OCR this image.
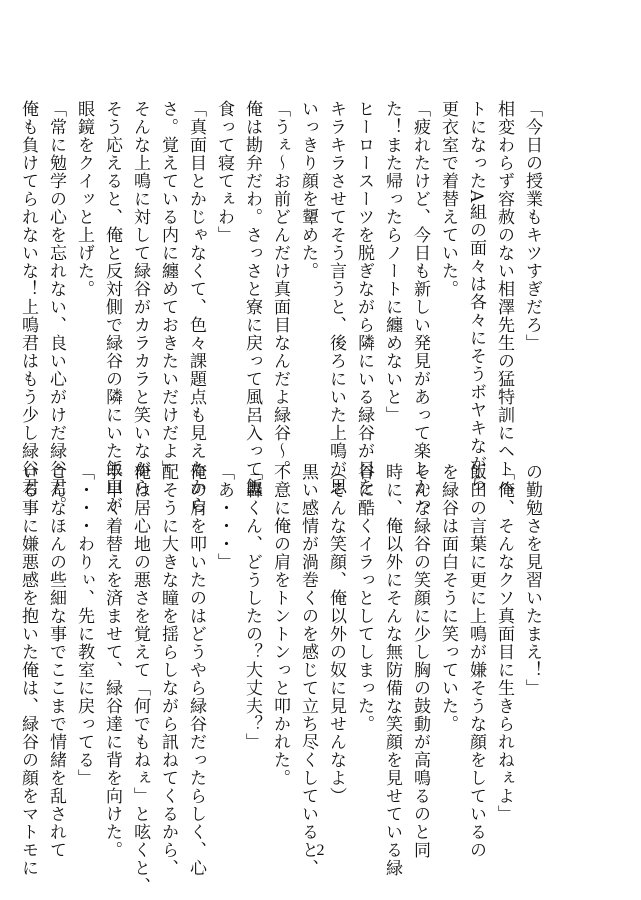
「今日の授業もキツすぎだろ」
相変わらず容赦のない相澤先生の猛特訓にヘトヘ
トになったA組の面々は各々にそうボヤキながら
更衣室で着替えていた。
「疲れたけど、今日も新しい発見があって楽しかっ
た！また帰ったらノートに纏めないと」
ヒーロースーツを脱ぎながら隣にいる緑谷が目を
キラキラさせてそう言うと、後ろにいた上鳴が思
いっきり顔を顰めた。
「うぇ～お前どんだけ真面目なんだよ緑谷～。
俺は勘弁だわ。さっさと寮に戻って風呂入って飯
食って寝てぇわ」
「真面目とかじゃなくて、色々課題点も見えたから
さ。覚えている内に纏めておきたいだけだよ」
そんな上鳴に対して緑谷がカラカラと笑いながら
そう応えると、俺と反対側で緑谷の隣にいた飯田が
眼鏡をクイッと上げた。
「常に勉学の心を忘れない、良い心がけだ緑谷君。
俺も負けてられないな！上鳴君はもう少し緑谷君
の勤勉さを見習いたまえ！」
「俺、そんなクソ真面目に生きられねぇよ」
飯田の言葉に更に上鳴が嫌そうな顔をしているの
を緑谷は面白そうに笑っていた。
そんな緑谷の笑顔に少し胸の鼓動が高鳴るのと同
時に、俺以外にそんな無防備な笑顔を見せている緑
谷に酷くイラっとしてしまった。
（そんな笑顔、俺以外の奴に見せんなよ）
黒い感情が渦巻くのを感じて立ち尽くしていると、
不意に俺の肩をトントンっと叩かれた。
「轟くん、どうしたの？大丈夫？」
「あ・・・」
俺の肩を叩いたのはどうやら緑谷だったらしく、心
配そうに大きな瞳を揺らしながら訊ねてくるから、
俺は居心地の悪さを覚えて「何でもねぇ」と呟くと、
手早く着替えを済ませて、緑谷達に背を向けた。
「・・・わりぃ、先に教室に戻ってる」
こんなほんの些細な事でここまで情緒を乱されて
いる事に嫌悪感を抱いた俺は、緑谷の顔をマトモに	2
